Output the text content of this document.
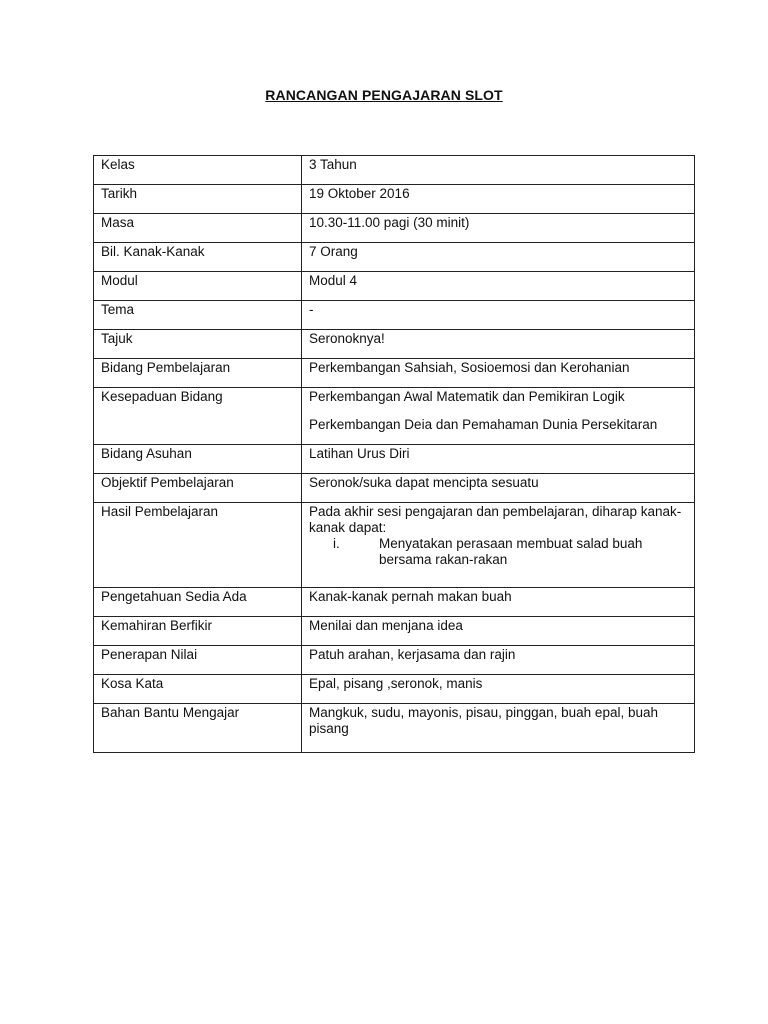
RANCANGAN PENGAJARAN SLOT
Kelas	3 Tahun
Tarikh	19 Oktober 2016
Masa	10.30-11.00 pagi (30 minit)
Bil. Kanak-Kanak	7 Orang
Modul	Modul 4
Tema	-
Tajuk	Seronoknya!
Bidang Pembelajaran	Perkembangan Sahsiah, Sosioemosi dan Kerohanian
Kesepaduan Bidang	Perkembangan Awal Matematik dan Pemikiran Logik
Perkembangan Deia dan Pemahaman Dunia Persekitaran

Bidang Asuhan	Latihan Urus Diri
Objektif Pembelajaran	Seronok/suka dapat mencipta sesuatu
Hasil Pembelajaran	Pada akhir sesi pengajaran dan pembelajaran, diharap kanak-kanak dapat:
i. Menyatakan perasaan membuat salad buah bersama rakan-rakan

Pengetahuan Sedia Ada	Kanak-kanak pernah makan buah
Kemahiran Berfikir	Menilai dan menjana idea
Penerapan Nilai	Patuh arahan, kerjasama dan rajin
Kosa Kata	Epal, pisang ,seronok, manis
Bahan Bantu Mengajar	Mangkuk, sudu, mayonis, pisau, pinggan, buah epal, buah pisang
